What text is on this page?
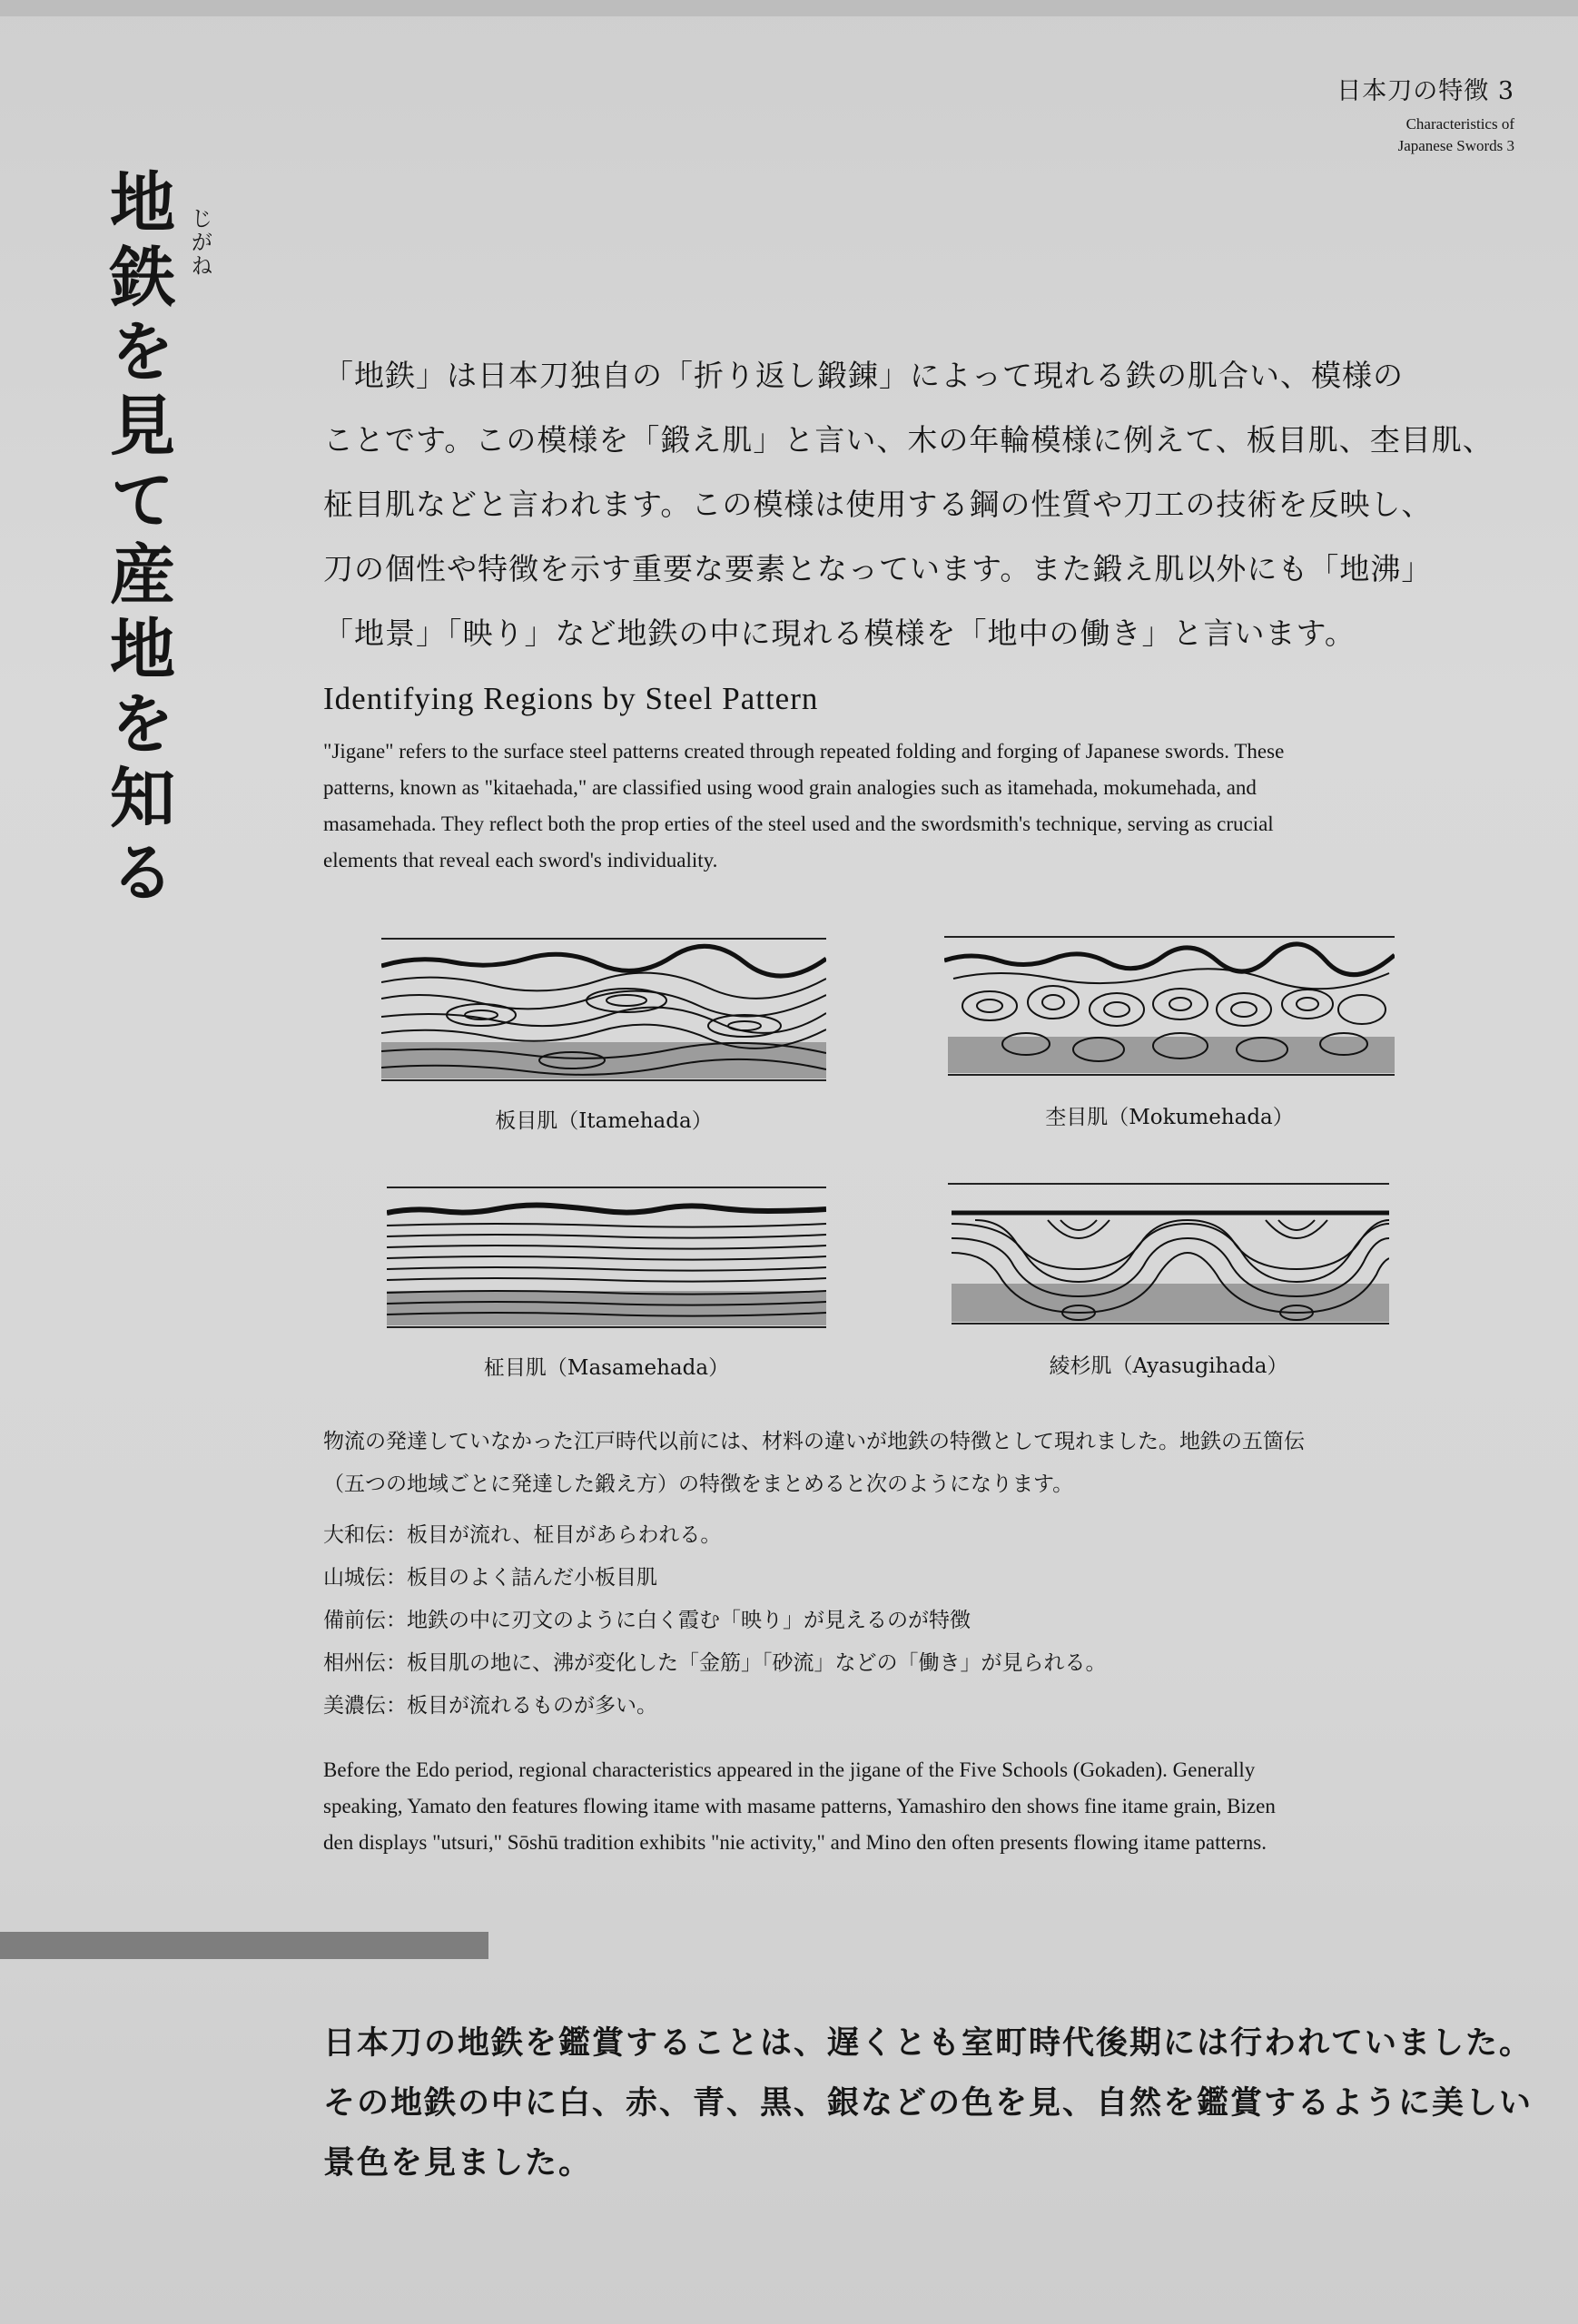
日本刀の特徴 3
Characteristics of
Japanese Swords 3
地鉄を見て産地を知る じがね

「地鉄」は日本刀独自の「折り返し鍛錬」によって現れる鉄の肌合い、模様の

ことです。この模様を「鍛え肌」と言い、木の年輪模様に例えて、板目肌、杢目肌、

柾目肌などと言われます。この模様は使用する鋼の性質や刀工の技術を反映し、

刀の個性や特徴を示す重要な要素となっています。また鍛え肌以外にも「地沸」

「地景」「映り」など地鉄の中に現れる模様を「地中の働き」と言います。

Identifying Regions by Steel Pattern

"Jigane" refers to the surface steel patterns created through repeated folding and forging of Japanese swords. These

patterns, known as "kitaehada," are classified using wood grain analogies such as itamehada, mokumehada, and

masamehada. They reflect both the prop erties of the steel used and the swordsmith's technique, serving as crucial

elements that reveal each sword's individuality.

板目肌（Itamehada）	杢目肌（Mokumehada）
柾目肌（Masamehada）	綾杉肌（Ayasugihada）

物流の発達していなかった江戸時代以前には、材料の違いが地鉄の特徴として現れました。地鉄の五箇伝

（五つの地域ごとに発達した鍛え方）の特徴をまとめると次のようになります。

大和伝：板目が流れ、柾目があらわれる。
山城伝：板目のよく詰んだ小板目肌
備前伝：地鉄の中に刃文のように白く霞む「映り」が見えるのが特徴
相州伝：板目肌の地に、沸が変化した「金筋」「砂流」などの「働き」が見られる。
美濃伝：板目が流れるものが多い。

Before the Edo period, regional characteristics appeared in the jigane of the Five Schools (Gokaden). Generally

speaking, Yamato den features flowing itame with masame patterns, Yamashiro den shows fine itame grain, Bizen

den displays "utsuri," Sōshū tradition exhibits "nie activity," and Mino den often presents flowing itame patterns.

日本刀の地鉄を鑑賞することは、遅くとも室町時代後期には行われていました。

その地鉄の中に白、赤、青、黒、銀などの色を見、自然を鑑賞するように美しい

景色を見ました。
